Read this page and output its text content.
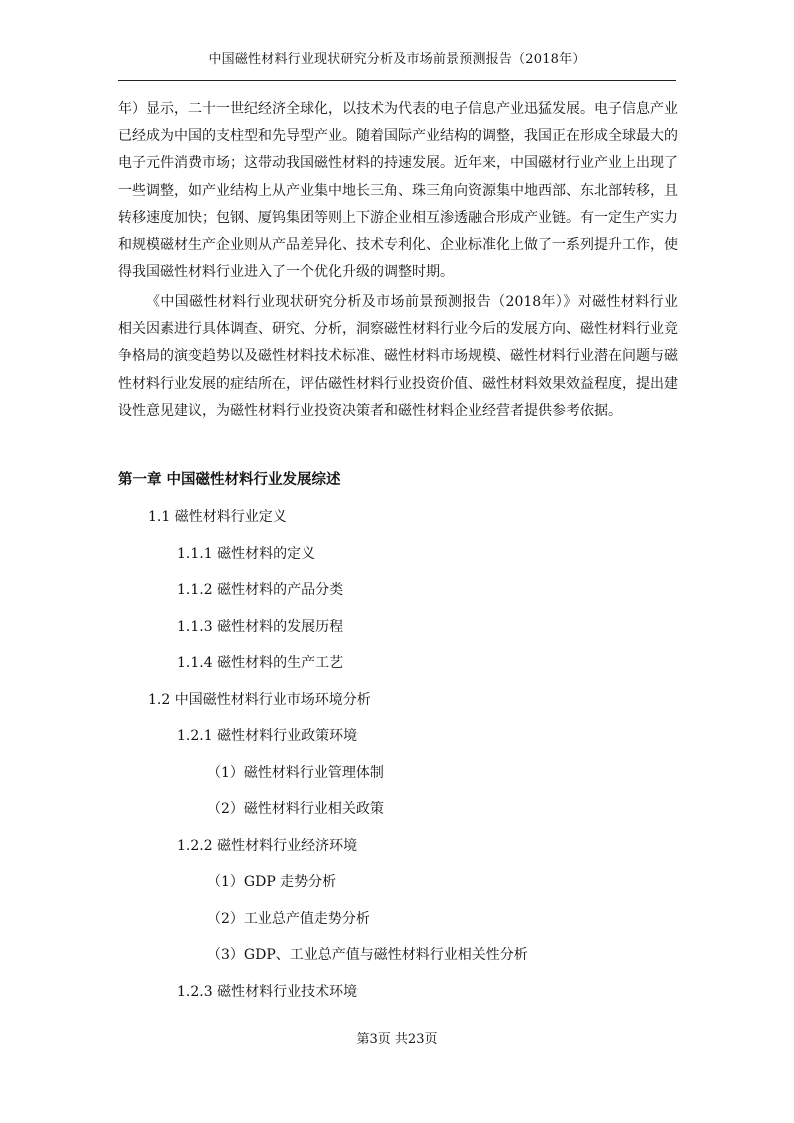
中国磁性材料行业现状研究分析及市场前景预测报告（2018年）

年）显示，二十一世纪经济全球化，以技术为代表的电子信息产业迅猛发展。电子信息产业已经成为中国的支柱型和先导型产业。随着国际产业结构的调整，我国正在形成全球最大的电子元件消费市场；这带动我国磁性材料的持速发展。近年来，中国磁材行业产业上出现了一些调整，如产业结构上从产业集中地长三角、珠三角向资源集中地西部、东北部转移，且转移速度加快；包钢、厦钨集团等则上下游企业相互渗透融合形成产业链。有一定生产实力和规模磁材生产企业则从产品差异化、技术专利化、企业标准化上做了一系列提升工作，使得我国磁性材料行业进入了一个优化升级的调整时期。

《中国磁性材料行业现状研究分析及市场前景预测报告（2018年）》对磁性材料行业相关因素进行具体调查、研究、分析，洞察磁性材料行业今后的发展方向、磁性材料行业竞争格局的演变趋势以及磁性材料技术标准、磁性材料市场规模、磁性材料行业潜在问题与磁性材料行业发展的症结所在，评估磁性材料行业投资价值、磁性材料效果效益程度，提出建设性意见建议，为磁性材料行业投资决策者和磁性材料企业经营者提供参考依据。

第一章 中国磁性材料行业发展综述
1.1 磁性材料行业定义
1.1.1 磁性材料的定义
1.1.2 磁性材料的产品分类
1.1.3 磁性材料的发展历程
1.1.4 磁性材料的生产工艺
1.2 中国磁性材料行业市场环境分析
1.2.1 磁性材料行业政策环境
（1）磁性材料行业管理体制
（2）磁性材料行业相关政策
1.2.2 磁性材料行业经济环境
（1）GDP 走势分析
（2）工业总产值走势分析
（3）GDP、工业总产值与磁性材料行业相关性分析
1.2.3 磁性材料行业技术环境
第3页 共23页
